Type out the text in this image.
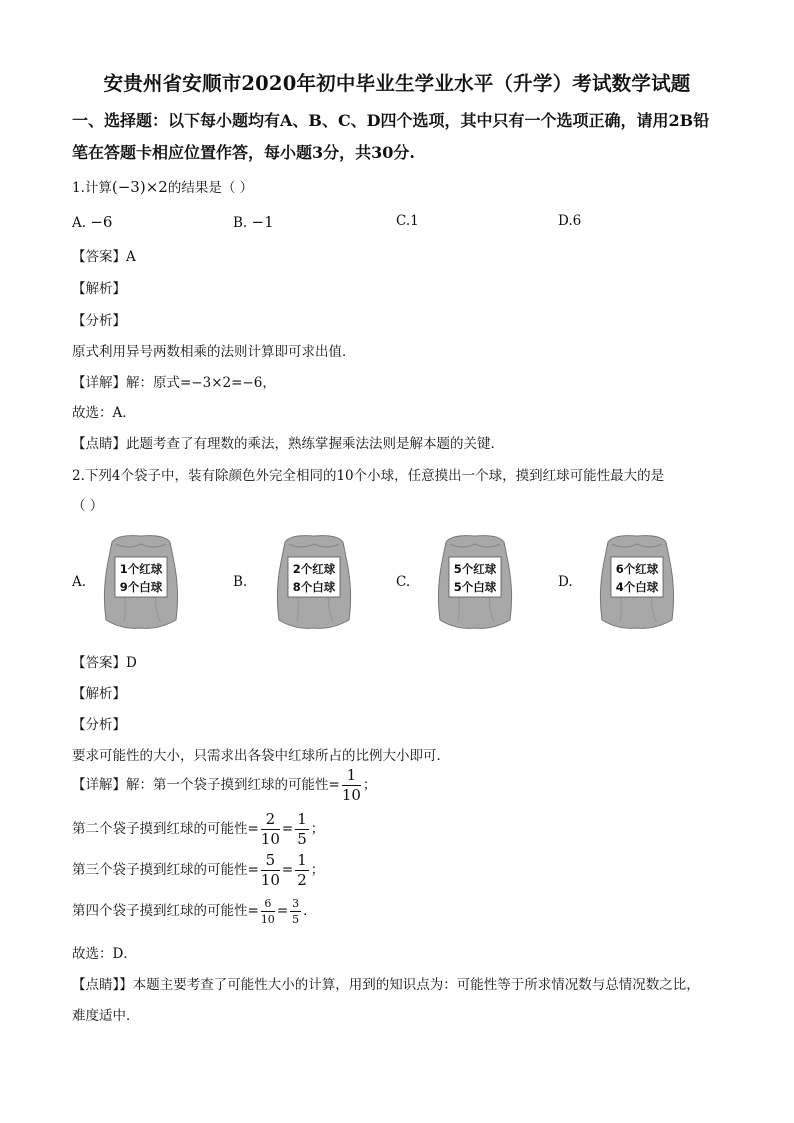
安贵州省安顺市2020年初中毕业生学业水平（升学）考试数学试题
一、选择题：以下每小题均有A、B、C、D四个选项，其中只有一个选项正确，请用2B铅
笔在答题卡相应位置作答，每小题3分，共30分.
1.计算(−3)×2的结果是（ ）
A. −6	B. −1	C.1	D.6
【答案】A
【解析】
【分析】
原式利用异号两数相乘的法则计算即可求出值．
【详解】解：原式=−3×2=−6，
故选：A．
【点睛】此题考查了有理数的乘法，熟练掌握乘法法则是解本题的关键．
2.下列4个袋子中，装有除颜色外完全相同的10个小球，任意摸出一个球，摸到红球可能性最大的是
（ ）
A.
1个红球
9个白球	B.
2个红球
8个白球	C.
5个红球
5个白球	D.
6个红球
4个白球
【答案】D
【解析】
【分析】
要求可能性的大小，只需求出各袋中红球所占的比例大小即可．
【详解】解：第一个袋子摸到红球的可能性= $\frac{1}{10}$ ；
第二个袋子摸到红球的可能性= $\frac{2}{10} = \frac{1}{5}$ ；
第三个袋子摸到红球的可能性= $\frac{5}{10} = \frac{1}{2}$ ；
第四个袋子摸到红球的可能性= $\frac{6}{10} = \frac{3}{5}$ ．
故选：D．
【点睛】】本题主要考查了可能性大小的计算，用到的知识点为：可能性等于所求情况数与总情况数之比，
难度适中．
